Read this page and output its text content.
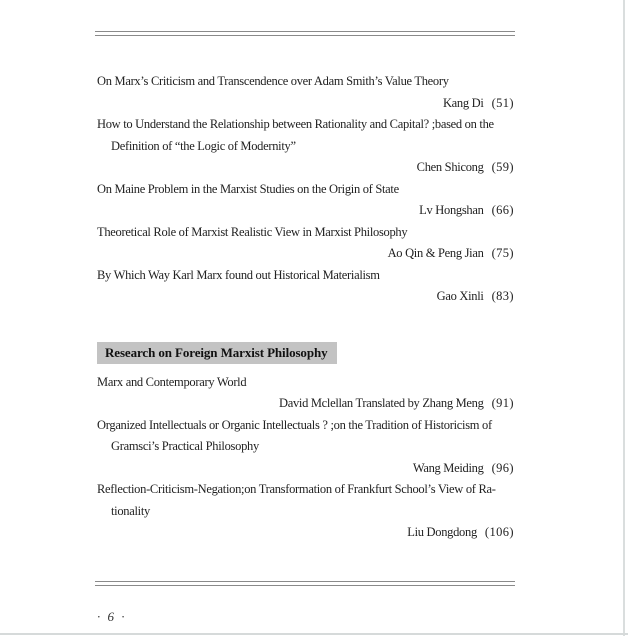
On Marx’s Criticism and Transcendence over Adam Smith’s Value Theory
Kang Di (51)
How to Understand the Relationship between Rationality and Capital? ;based on the
Definition of “the Logic of Modernity”
Chen Shicong (59)
On Maine Problem in the Marxist Studies on the Origin of State
Lv Hongshan (66)
Theoretical Role of Marxist Realistic View in Marxist Philosophy
Ao Qin & Peng Jian (75)
By Which Way Karl Marx found out Historical Materialism
Gao Xinli (83)
Research on Foreign Marxist Philosophy
Marx and Contemporary World
David Mclellan Translated by Zhang Meng (91)
Organized Intellectuals or Organic Intellectuals ? ;on the Tradition of Historicism of
Gramsci’s Practical Philosophy
Wang Meiding (96)
Reflection-Criticism-Negation;on Transformation of Frankfurt School’s View of Ra-
tionality
Liu Dongdong (106)
· 6 ·
